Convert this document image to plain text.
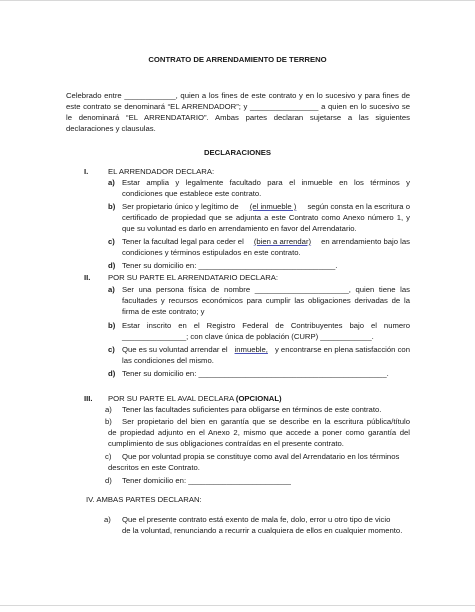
CONTRATO DE ARRENDAMIENTO DE TERRENO
Celebrado entre ____________, quien a los fines de este contrato y en lo sucesivo y para fines de
este contrato se denominará “EL ARRENDADOR”; y ________________ a quien en lo sucesivo se
le denominará “EL ARRENDATARIO”. Ambas partes declaran sujetarse a las siguientes
declaraciones y clausulas.
DECLARACIONES
I.	EL ARRENDADOR DECLARA:
a) Estar amplia y legalmente facultado para el inmueble en los términos y
condiciones que establece este contrato.
b) Ser propietario único y legítimo de (el inmueble ) según consta en la escritura o
certificado de propiedad que se adjunta a este Contrato como Anexo número 1, y
que su voluntad es darlo en arrendamiento en favor del Arrendatario.
c) Tener la facultad legal para ceder el (bien a arrendar) en arrendamiento bajo las
condiciones y términos estipulados en este contrato.
d) Tener su domicilio en: ________________________________.
II. POR SU PARTE EL ARRENDATARIO DECLARA:
a) Ser una persona física de nombre ______________________, quien tiene las
facultades y recursos económicos para cumplir las obligaciones derivadas de la
firma de este contrato; y
b) Estar inscrito en el Registro Federal de Contribuyentes bajo el numero
_______________; con clave única de población (CURP) ____________.
c) Que es su voluntad arrendar el inmueble, y encontrarse en plena satisfacción con
las condiciones del mismo.
d) Tener su domicilio en: ____________________________________________.
III. POR SU PARTE EL AVAL DECLARA (OPCIONAL)
a) Tener las facultades suficientes para obligarse en términos de este contrato.
b) Ser propietario del bien en garantía que se describe en la escritura pública/título
de propiedad adjunto en el Anexo 2, mismo que accede a poner como garantía del
cumplimiento de sus obligaciones contraídas en el presente contrato.
c) Que por voluntad propia se constituye como aval del Arrendatario en los términos
descritos en este Contrato.
d) Tener domicilio en: ________________________
IV. AMBAS PARTES DECLARAN:
a) Que el presente contrato está exento de mala fe, dolo, error u otro tipo de vicio
de la voluntad, renunciando a recurrir a cualquiera de ellos en cualquier momento.
